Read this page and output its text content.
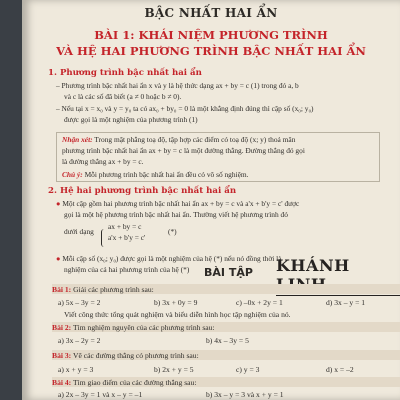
BẬC NHẤT HAI ẨN
BÀI 1: KHÁI NIỆM PHƯƠNG TRÌNH
VÀ HỆ HAI PHƯƠNG TRÌNH BẬC NHẤT HAI ẨN
1. Phương trình bậc nhất hai ẩn
– Phương trình bậc nhất hai ẩn x và y là hệ thức dạng ax + by = c (1) trong đó a, b
và c là các số đã biết (a ≠ 0 hoặc b ≠ 0).
– Nếu tại x = x₀ và y = y₀ ta có ax₀ + by₀ = 0 là một khẳng định đúng thì cặp số (x₀; y₀)
được gọi là một nghiệm của phương trình (1)
Nhận xét: Trong mặt phẳng toạ độ, tập hợp các điểm có toạ độ (x; y) thoả mãn
phương trình bậc nhất hai ẩn ax + by = c là một đường thẳng. Đường thẳng đó gọi
là đường thẳng ax + by = c.
Chú ý: Mỗi phương trình bậc nhất hai ẩn đều có vô số nghiệm.
2. Hệ hai phương trình bậc nhất hai ẩn
● Một cặp gồm hai phương trình bậc nhất hai ẩn ax + by = c và a'x + b'y = c' được
gọi là một hệ phương trình bậc nhất hai ẩn. Thường viết hệ phương trình đó
dưới dạng
ax + by = c
a'x + b'y = c'
(*)
● Mỗi cặp số (x₀; y₀) được gọi là một nghiệm của hệ (*) nếu nó đồng thời là
nghiệm của cả hai phương trình của hệ (*) BÀI TẬP KHÁNH
Bài 1: Giải các phương trình sau:
a) 5x – 3y = 2	b) 3x + 0y = 9	c) –0x + 2y = 1	d) 3x – y = 1
Viết công thức tổng quát nghiệm và biểu diễn hình học tập nghiệm của nó.
Bài 2: Tìm nghiệm nguyên của các phương trình sau:
a) 3x – 2y = 2	b) 4x – 3y = 5
Bài 3: Vẽ các đường thẳng có phương trình sau:
a) x + y = 3	b) 2x + y = 5	c) y = 3	d) x = –2
Bài 4: Tìm giao điểm của các đường thẳng sau:
a) 2x – 3y = 1 và x – y = –1	b) 3x – y = 3 và x + y = 1
